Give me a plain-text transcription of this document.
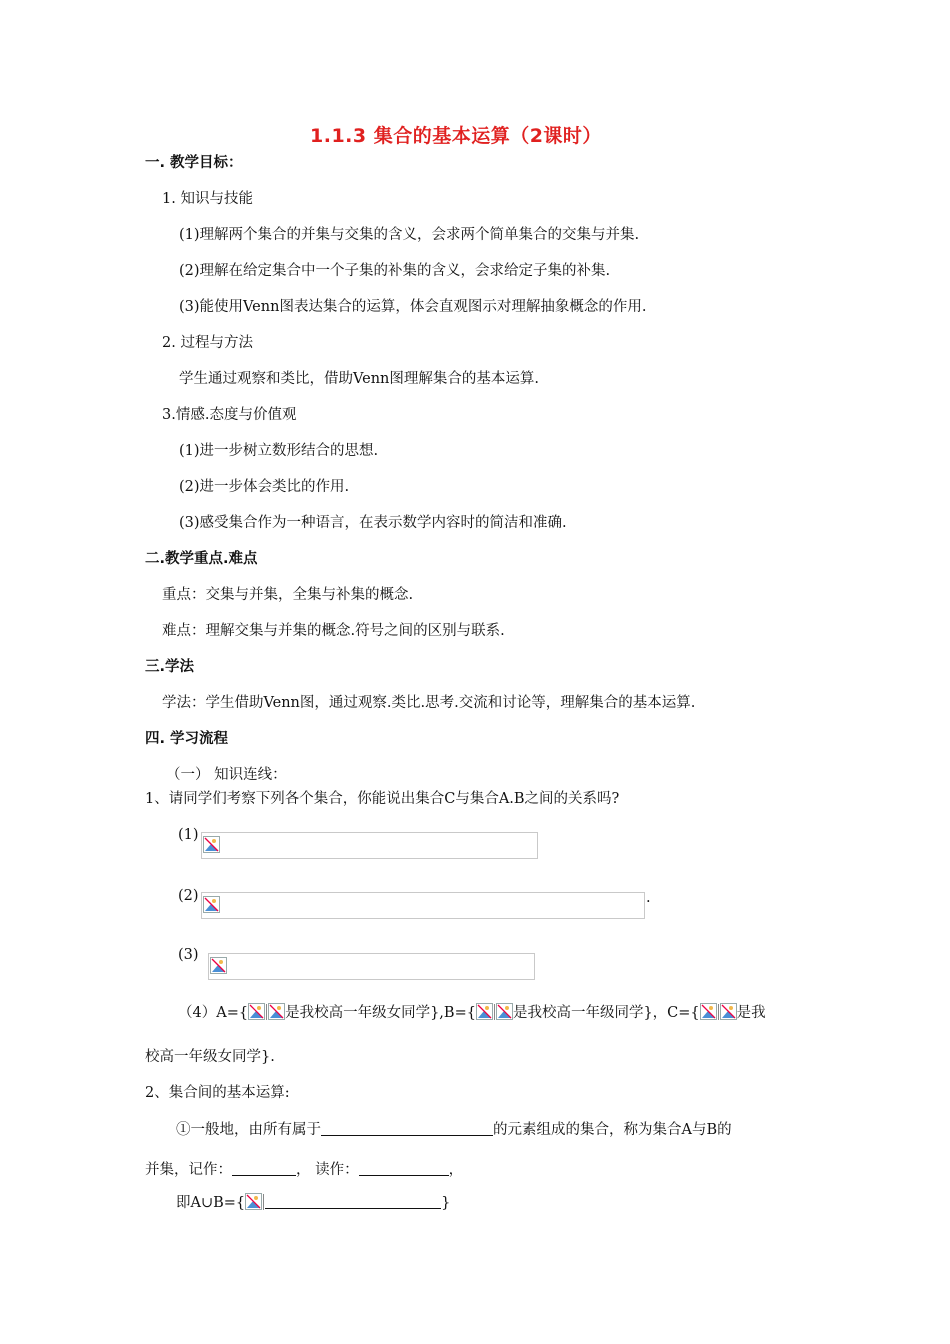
1.1.3 集合的基本运算（2课时）
一. 教学目标：
1. 知识与技能
(1)理解两个集合的并集与交集的含义，会求两个简单集合的交集与并集.
(2)理解在给定集合中一个子集的补集的含义，会求给定子集的补集.
(3)能使用Venn图表达集合的运算，体会直观图示对理解抽象概念的作用.
2. 过程与方法
学生通过观察和类比，借助Venn图理解集合的基本运算.
3.情感.态度与价值观
(1)进一步树立数形结合的思想.
(2)进一步体会类比的作用.
(3)感受集合作为一种语言，在表示数学内容时的简洁和准确.
二.教学重点.难点
重点：交集与并集，全集与补集的概念.
难点：理解交集与并集的概念.符号之间的区别与联系.
三.学法
学法：学生借助Venn图，通过观察.类比.思考.交流和讨论等，理解集合的基本运算.
四. 学习流程
（一） 知识连线：
1、请同学们考察下列各个集合，你能说出集合C与集合A.B之间的关系吗?
(1)
(2)	.
(3)
（4）A={	是我校高一年级女同学},B={	是我校高一年级同学}，C={	是我
校高一年级女同学}.
2、集合间的基本运算:
①一般地，由所有属于	的元素组成的集合，称为集合A与B的
并集，记作：	， 读作：	，
即A∪B={	}
